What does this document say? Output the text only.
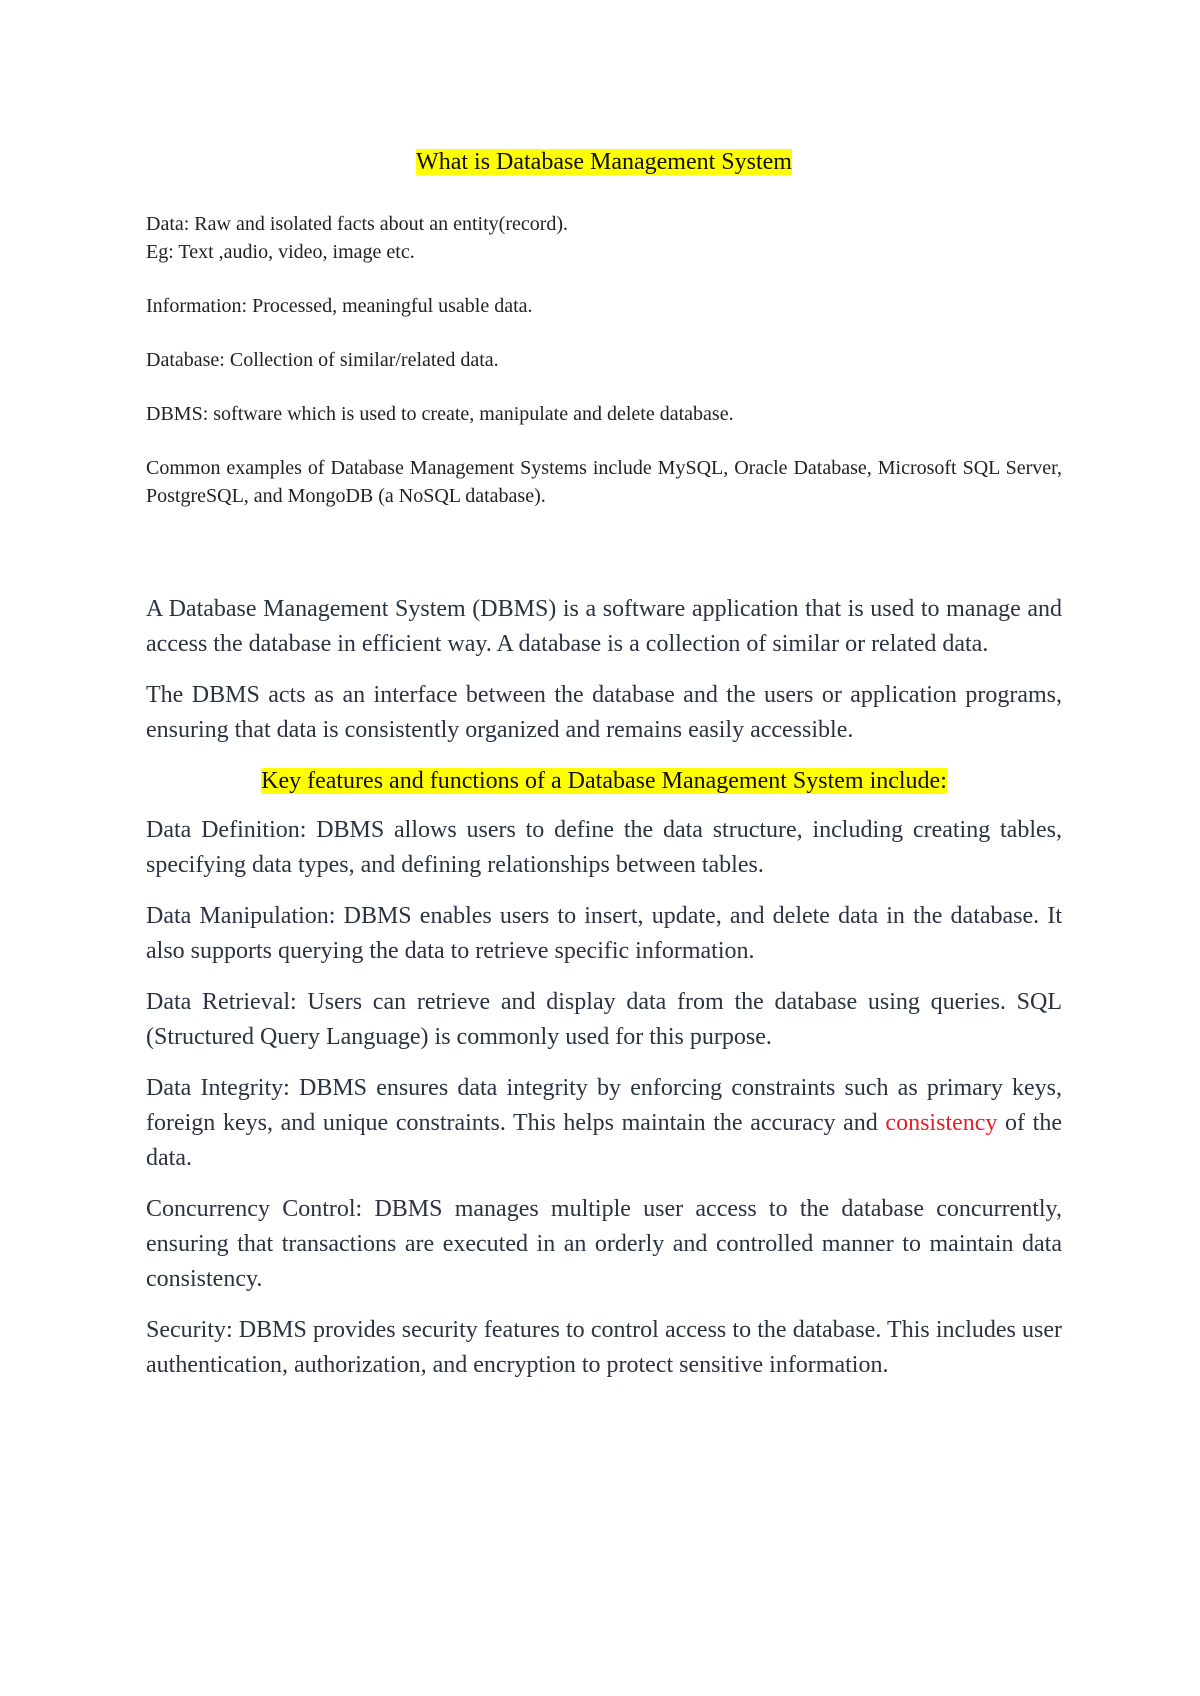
What is Database Management System

Data: Raw and isolated facts about an entity(record).
Eg: Text ,audio, video, image etc.

Information: Processed, meaningful usable data.

Database: Collection of similar/related data.

DBMS: software which is used to create, manipulate and delete database.

Common examples of Database Management Systems include MySQL, Oracle Database, Microsoft SQL Server, PostgreSQL, and MongoDB (a NoSQL database).

A Database Management System (DBMS) is a software application that is used to manage and access the database in efficient way. A database is a collection of similar or related data.

The DBMS acts as an interface between the database and the users or application programs, ensuring that data is consistently organized and remains easily accessible.

Key features and functions of a Database Management System include:

Data Definition: DBMS allows users to define the data structure, including creating tables, specifying data types, and defining relationships between tables.

Data Manipulation: DBMS enables users to insert, update, and delete data in the database. It also supports querying the data to retrieve specific information.

Data Retrieval: Users can retrieve and display data from the database using queries. SQL (Structured Query Language) is commonly used for this purpose.

Data Integrity: DBMS ensures data integrity by enforcing constraints such as primary keys, foreign keys, and unique constraints. This helps maintain the accuracy and consistency of the data.

Concurrency Control: DBMS manages multiple user access to the database concurrently, ensuring that transactions are executed in an orderly and controlled manner to maintain data consistency.

Security: DBMS provides security features to control access to the database. This includes user authentication, authorization, and encryption to protect sensitive information.
